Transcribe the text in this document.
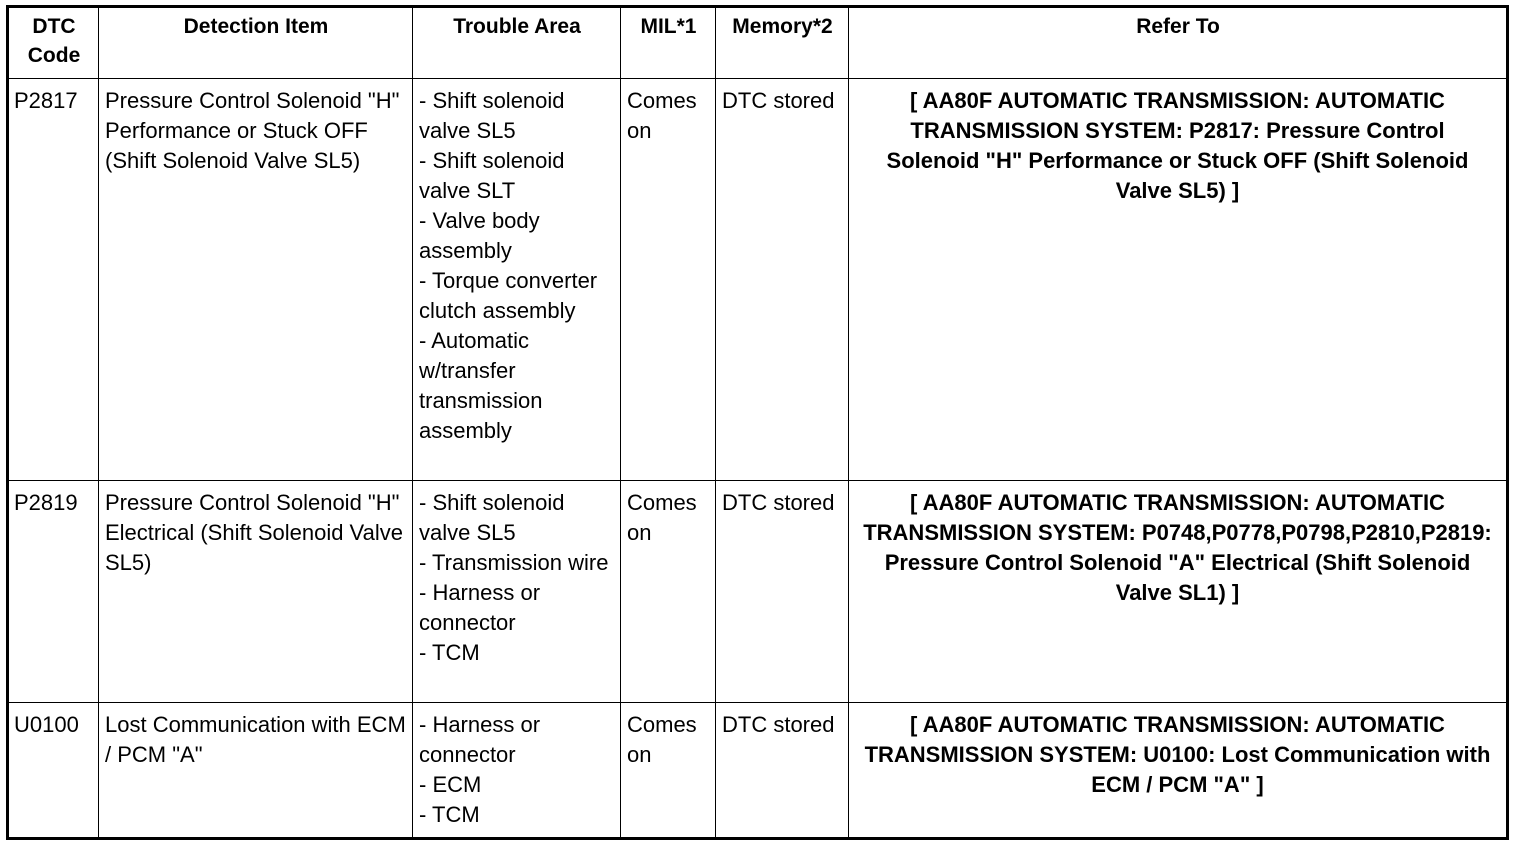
DTC Code	Detection Item	Trouble Area	MIL*1	Memory*2	Refer To
P2817	Pressure Control Solenoid "H" Performance or Stuck OFF (Shift Solenoid Valve SL5)	- Shift solenoid valve SL5
- Shift solenoid valve SLT
- Valve body assembly
- Torque converter clutch assembly
- Automatic w/transfer transmission assembly	Comes on	DTC stored	[ AA80F AUTOMATIC TRANSMISSION: AUTOMATIC TRANSMISSION SYSTEM: P2817: Pressure Control Solenoid "H" Performance or Stuck OFF (Shift Solenoid Valve SL5) ]
P2819	Pressure Control Solenoid "H" Electrical (Shift Solenoid Valve SL5)	- Shift solenoid valve SL5
- Transmission wire
- Harness or connector
- TCM	Comes on	DTC stored	[ AA80F AUTOMATIC TRANSMISSION: AUTOMATIC TRANSMISSION SYSTEM: P0748,P0778,P0798,P2810,P2819: Pressure Control Solenoid "A" Electrical (Shift Solenoid Valve SL1) ]
U0100	Lost Communication with ECM / PCM "A"	- Harness or connector
- ECM
- TCM	Comes on	DTC stored	[ AA80F AUTOMATIC TRANSMISSION: AUTOMATIC TRANSMISSION SYSTEM: U0100: Lost Communication with ECM / PCM "A" ]
